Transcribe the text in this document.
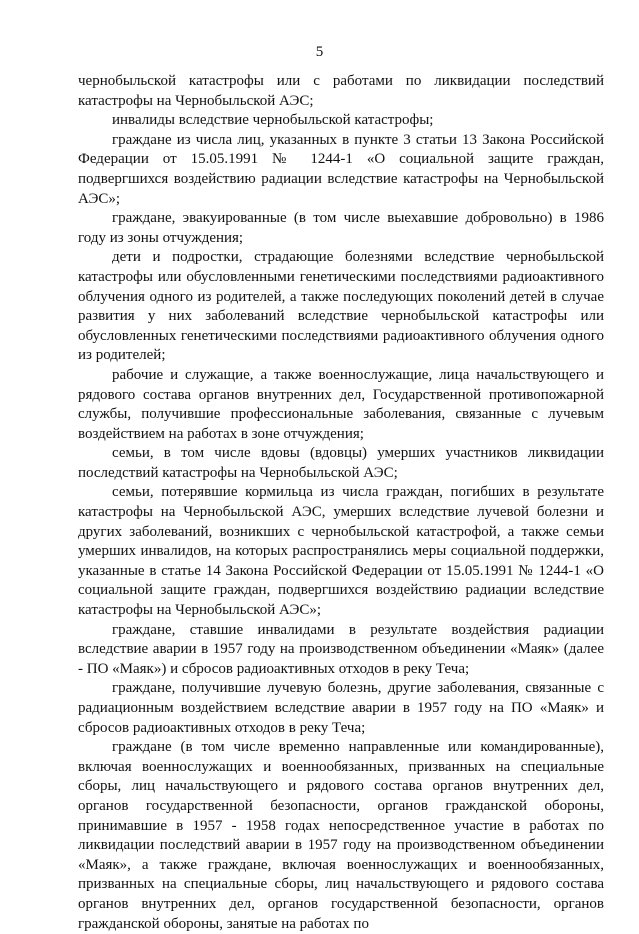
5

чернобыльской катастрофы или с работами по ликвидации последствий катастрофы на Чернобыльской АЭС;

инвалиды вследствие чернобыльской катастрофы;

граждане из числа лиц, указанных в пункте 3 статьи 13 Закона Российской Федерации от 15.05.1991 № 1244-1 «О социальной защите граждан, подвергшихся воздействию радиации вследствие катастрофы на Чернобыльской АЭС»;

граждане, эвакуированные (в том числе выехавшие добровольно) в 1986 году из зоны отчуждения;

дети и подростки, страдающие болезнями вследствие чернобыльской катастрофы или обусловленными генетическими последствиями радиоактивного облучения одного из родителей, а также последующих поколений детей в случае развития у них заболеваний вследствие чернобыльской катастрофы или обусловленных генетическими последствиями радиоактивного облучения одного из родителей;

рабочие и служащие, а также военнослужащие, лица начальствующего и рядового состава органов внутренних дел, Государственной противопожарной службы, получившие профессиональные заболевания, связанные с лучевым воздействием на работах в зоне отчуждения;

семьи, в том числе вдовы (вдовцы) умерших участников ликвидации последствий катастрофы на Чернобыльской АЭС;

семьи, потерявшие кормильца из числа граждан, погибших в результате катастрофы на Чернобыльской АЭС, умерших вследствие лучевой болезни и других заболеваний, возникших с чернобыльской катастрофой, а также семьи умерших инвалидов, на которых распространялись меры социальной поддержки, указанные в статье 14 Закона Российской Федерации от 15.05.1991 № 1244-1 «О социальной защите граждан, подвергшихся воздействию радиации вследствие катастрофы на Чернобыльской АЭС»;

граждане, ставшие инвалидами в результате воздействия радиации вследствие аварии в 1957 году на производственном объединении «Маяк» (далее - ПО «Маяк») и сбросов радиоактивных отходов в реку Теча;

граждане, получившие лучевую болезнь, другие заболевания, связанные с радиационным воздействием вследствие аварии в 1957 году на ПО «Маяк» и сбросов радиоактивных отходов в реку Теча;

граждане (в том числе временно направленные или командированные), включая военнослужащих и военнообязанных, призванных на специальные сборы, лиц начальствующего и рядового состава органов внутренних дел, органов государственной безопасности, органов гражданской обороны, принимавшие в 1957 - 1958 годах непосредственное участие в работах по ликвидации последствий аварии в 1957 году на производственном объединении «Маяк», а также граждане, включая военнослужащих и военнообязанных, призванных на специальные сборы, лиц начальствующего и рядового состава органов внутренних дел, органов государственной безопасности, органов гражданской обороны, занятые на работах по
